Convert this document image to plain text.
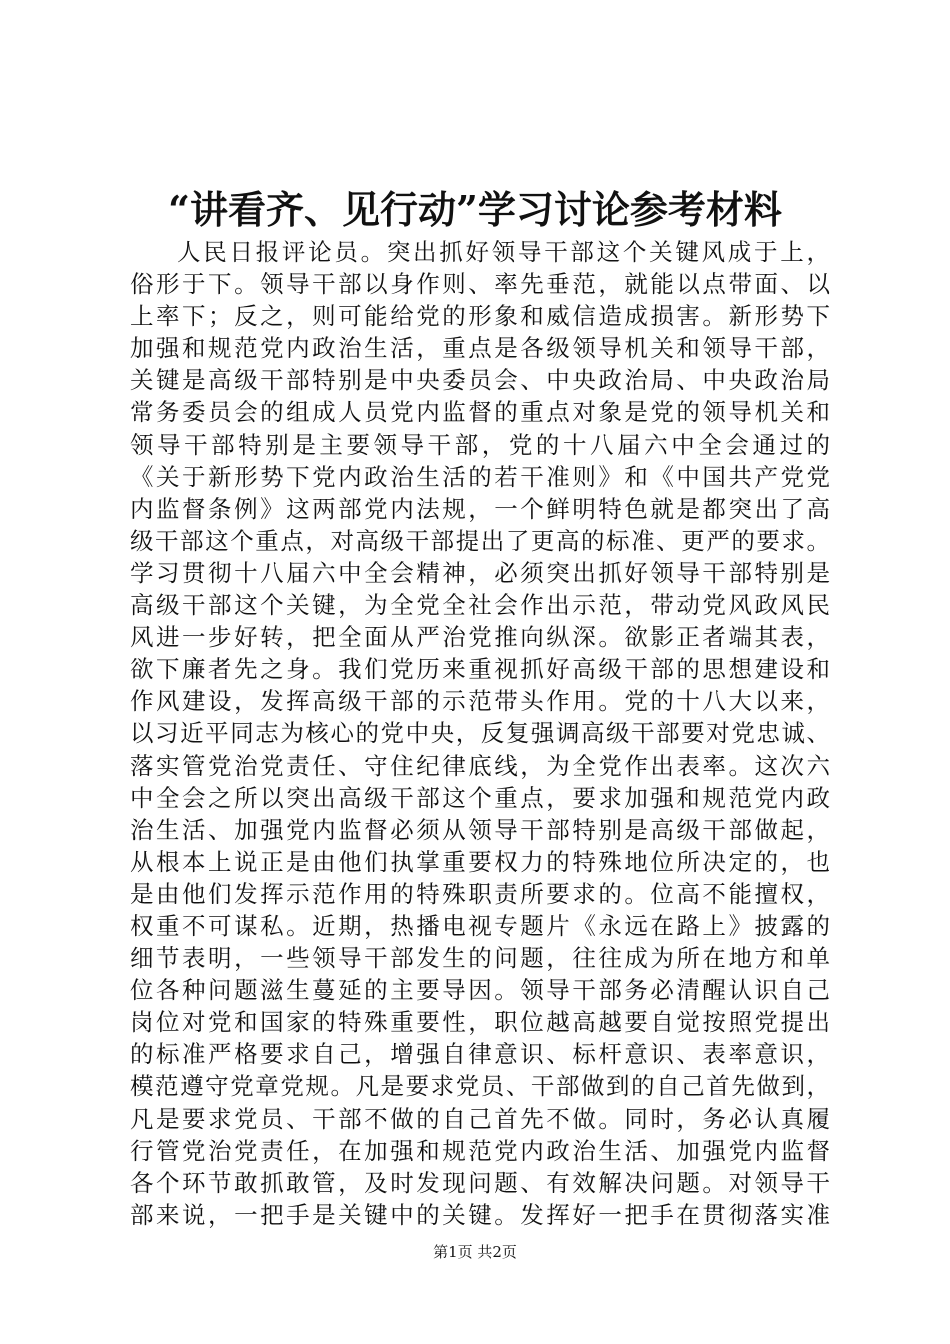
“讲看齐、见行动”学习讨论参考材料
人民日报评论员。突出抓好领导干部这个关键风成于上，
俗形于下。领导干部以身作则、率先垂范，就能以点带面、以
上率下；反之，则可能给党的形象和威信造成损害。新形势下
加强和规范党内政治生活，重点是各级领导机关和领导干部，
关键是高级干部特别是中央委员会、中央政治局、中央政治局
常务委员会的组成人员党内监督的重点对象是党的领导机关和
领导干部特别是主要领导干部，党的十八届六中全会通过的
《关于新形势下党内政治生活的若干准则》和《中国共产党党
内监督条例》这两部党内法规，一个鲜明特色就是都突出了高
级干部这个重点，对高级干部提出了更高的标准、更严的要求。
学习贯彻十八届六中全会精神，必须突出抓好领导干部特别是
高级干部这个关键，为全党全社会作出示范，带动党风政风民
风进一步好转，把全面从严治党推向纵深。欲影正者端其表，
欲下廉者先之身。我们党历来重视抓好高级干部的思想建设和
作风建设，发挥高级干部的示范带头作用。党的十八大以来，
以习近平同志为核心的党中央，反复强调高级干部要对党忠诚、
落实管党治党责任、守住纪律底线，为全党作出表率。这次六
中全会之所以突出高级干部这个重点，要求加强和规范党内政
治生活、加强党内监督必须从领导干部特别是高级干部做起，
从根本上说正是由他们执掌重要权力的特殊地位所决定的，也
是由他们发挥示范作用的特殊职责所要求的。位高不能擅权，
权重不可谋私。近期，热播电视专题片《永远在路上》披露的
细节表明，一些领导干部发生的问题，往往成为所在地方和单
位各种问题滋生蔓延的主要导因。领导干部务必清醒认识自己
岗位对党和国家的特殊重要性，职位越高越要自觉按照党提出
的标准严格要求自己，增强自律意识、标杆意识、表率意识，
模范遵守党章党规。凡是要求党员、干部做到的自己首先做到，
凡是要求党员、干部不做的自己首先不做。同时，务必认真履
行管党治党责任，在加强和规范党内政治生活、加强党内监督
各个环节敢抓敢管，及时发现问题、有效解决问题。对领导干
部来说，一把手是关键中的关键。发挥好一把手在贯彻落实准
第1页 共2页
